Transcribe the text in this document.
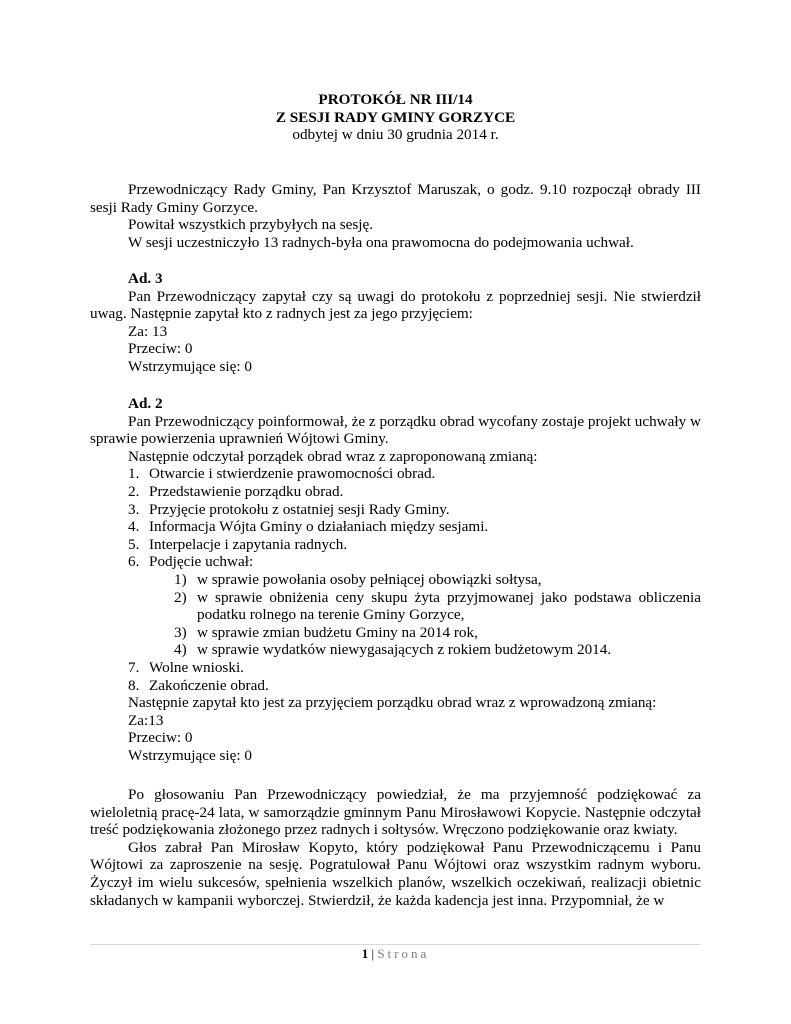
PROTOKÓŁ NR III/14
Z SESJI RADY GMINY GORZYCE
odbytej w dniu 30 grudnia 2014 r.
Przewodniczący Rady Gminy, Pan Krzysztof Maruszak, o godz. 9.10 rozpoczął obrady III sesji Rady Gminy Gorzyce.
Powitał wszystkich przybyłych na sesję.
W sesji uczestniczyło 13 radnych-była ona prawomocna do podejmowania uchwał.
Ad. 3
Pan Przewodniczący zapytał czy są uwagi do protokołu z poprzedniej sesji. Nie stwierdził uwag. Następnie zapytał kto z radnych jest za jego przyjęciem:
Za: 13
Przeciw: 0
Wstrzymujące się: 0
Ad. 2
Pan Przewodniczący poinformował, że z porządku obrad wycofany zostaje projekt uchwały w sprawie powierzenia uprawnień Wójtowi Gminy.
Następnie odczytał porządek obrad wraz z zaproponowaną zmianą:
1. Otwarcie i stwierdzenie prawomocności obrad.
2. Przedstawienie porządku obrad.
3. Przyjęcie protokołu z ostatniej sesji Rady Gminy.
4. Informacja Wójta Gminy o działaniach między sesjami.
5. Interpelacje i zapytania radnych.
6. Podjęcie uchwał:
1) w sprawie powołania osoby pełniącej obowiązki sołtysa,
2) w sprawie obniżenia ceny skupu żyta przyjmowanej jako podstawa obliczenia podatku rolnego na terenie Gminy Gorzyce,
3) w sprawie zmian budżetu Gminy na 2014 rok,
4) w sprawie wydatków niewygasających z rokiem budżetowym 2014.
7. Wolne wnioski.
8. Zakończenie obrad.
Następnie zapytał kto jest za przyjęciem porządku obrad wraz z wprowadzoną zmianą:
Za:13
Przeciw: 0
Wstrzymujące się: 0
Po głosowaniu Pan Przewodniczący powiedział, że ma przyjemność podziękować za wieloletnią pracę-24 lata, w samorządzie gminnym Panu Mirosławowi Kopycie. Następnie odczytał treść podziękowania złożonego przez radnych i sołtysów. Wręczono podziękowanie oraz kwiaty.
Głos zabrał Pan Mirosław Kopyto, który podziękował Panu Przewodniczącemu i Panu Wójtowi za zaproszenie na sesję. Pogratulował Panu Wójtowi oraz wszystkim radnym wyboru. Życzył im wielu sukcesów, spełnienia wszelkich planów, wszelkich oczekiwań, realizacji obietnic składanych w kampanii wyborczej. Stwierdził, że każda kadencja jest inna. Przypomniał, że w
1 | Strona
